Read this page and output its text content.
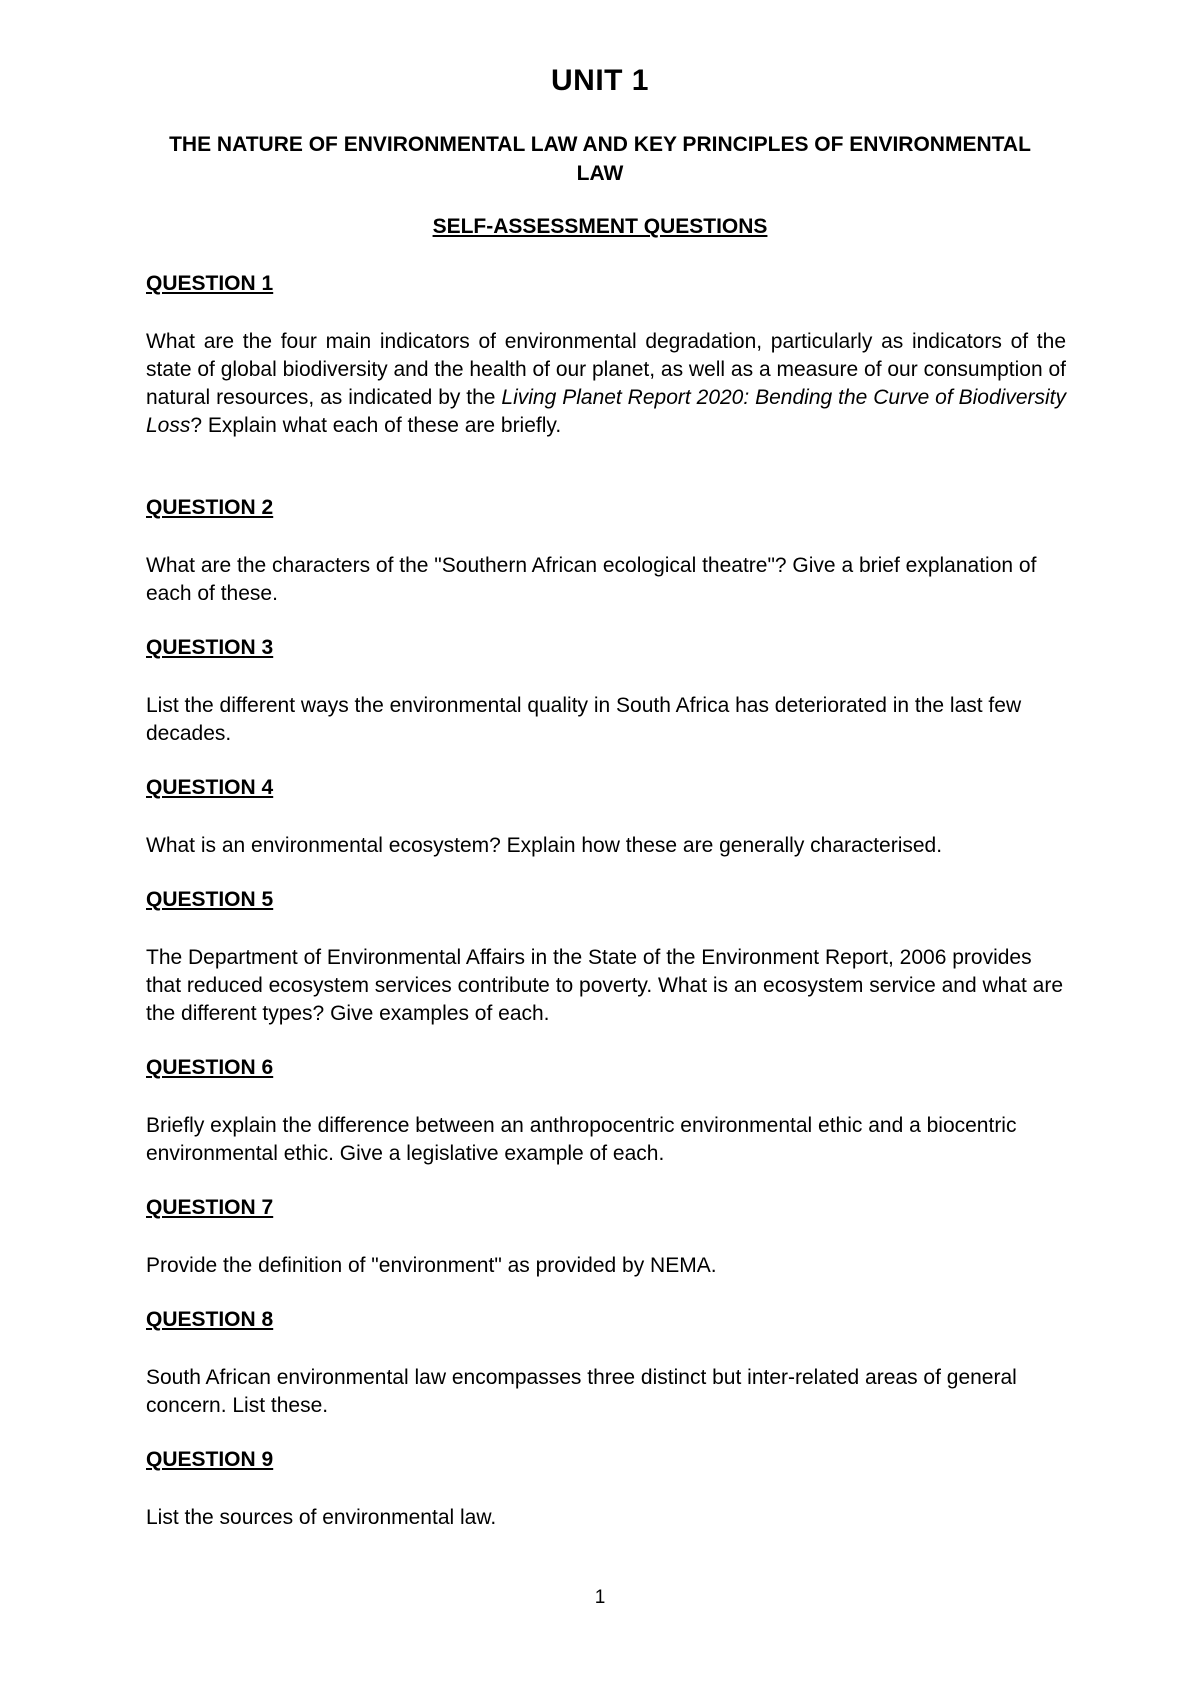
UNIT 1
THE NATURE OF ENVIRONMENTAL LAW AND KEY PRINCIPLES OF ENVIRONMENTAL LAW
SELF-ASSESSMENT QUESTIONS
QUESTION 1
What are the four main indicators of environmental degradation, particularly as indicators of the state of global biodiversity and the health of our planet, as well as a measure of our consumption of natural resources, as indicated by the Living Planet Report 2020: Bending the Curve of Biodiversity Loss? Explain what each of these are briefly.
QUESTION 2
What are the characters of the "Southern African ecological theatre"? Give a brief explanation of each of these.
QUESTION 3
List the different ways the environmental quality in South Africa has deteriorated in the last few decades.
QUESTION 4
What is an environmental ecosystem? Explain how these are generally characterised.
QUESTION 5
The Department of Environmental Affairs in the State of the Environment Report, 2006 provides that reduced ecosystem services contribute to poverty. What is an ecosystem service and what are the different types? Give examples of each.
QUESTION 6
Briefly explain the difference between an anthropocentric environmental ethic and a biocentric environmental ethic. Give a legislative example of each.
QUESTION 7
Provide the definition of "environment" as provided by NEMA.
QUESTION 8
South African environmental law encompasses three distinct but inter-related areas of general concern. List these.
QUESTION 9
List the sources of environmental law.
1
